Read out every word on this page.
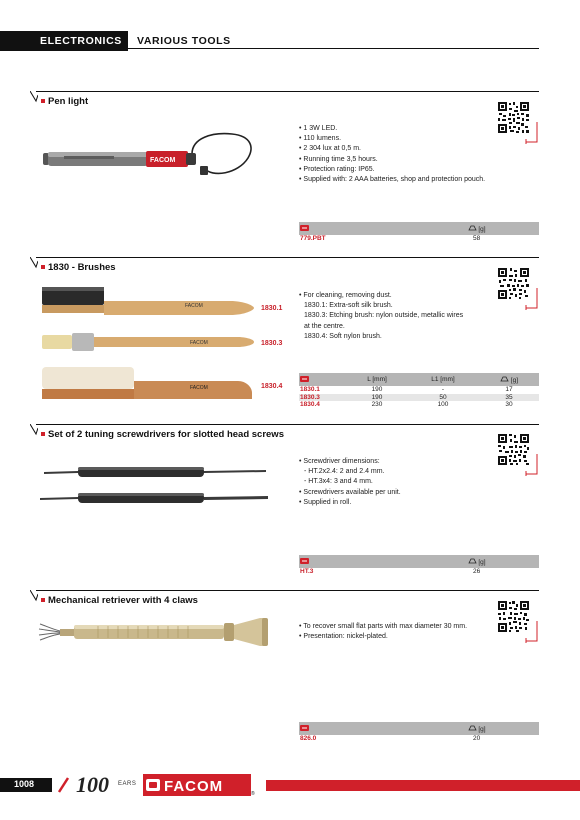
ELECTRONICS VARIOUS TOOLS
Pen light
FACOM
• 1 3W LED.
• 110 lumens.
• 2 304 lux at 0,5 m.
• Running time 3,5 hours.
• Protection rating: IP65.
• Supplied with: 2 AAA batteries, shop and protection pouch.
	[g]
779.PBT	58
1830 - Brushes
FACOM
FACOM
FACOM
1830.1
1830.3
1830.4
• For cleaning, removing dust.
1830.1: Extra-soft silk brush.
1830.3: Etching brush: nylon outside, metallic wires
at the centre.
1830.4: Soft nylon brush.
	L [mm]	L1 [mm]	[g]
1830.1	190	-	17
1830.3	190	50	35
1830.4	230	100	30
Set of 2 tuning screwdrivers for slotted head screws
• Screwdriver dimensions:
- HT.2x2.4: 2 and 2.4 mm.
- HT.3x4: 3 and 4 mm.
• Screwdrivers available per unit.
• Supplied in roll.
	[g]
HT.3	26
Mechanical retriever with 4 claws
• To recover small flat parts with max diameter 30 mm.
• Presentation: nickel-plated.
	[g]
826.0	20
1008 100 EARS FACOM	®
